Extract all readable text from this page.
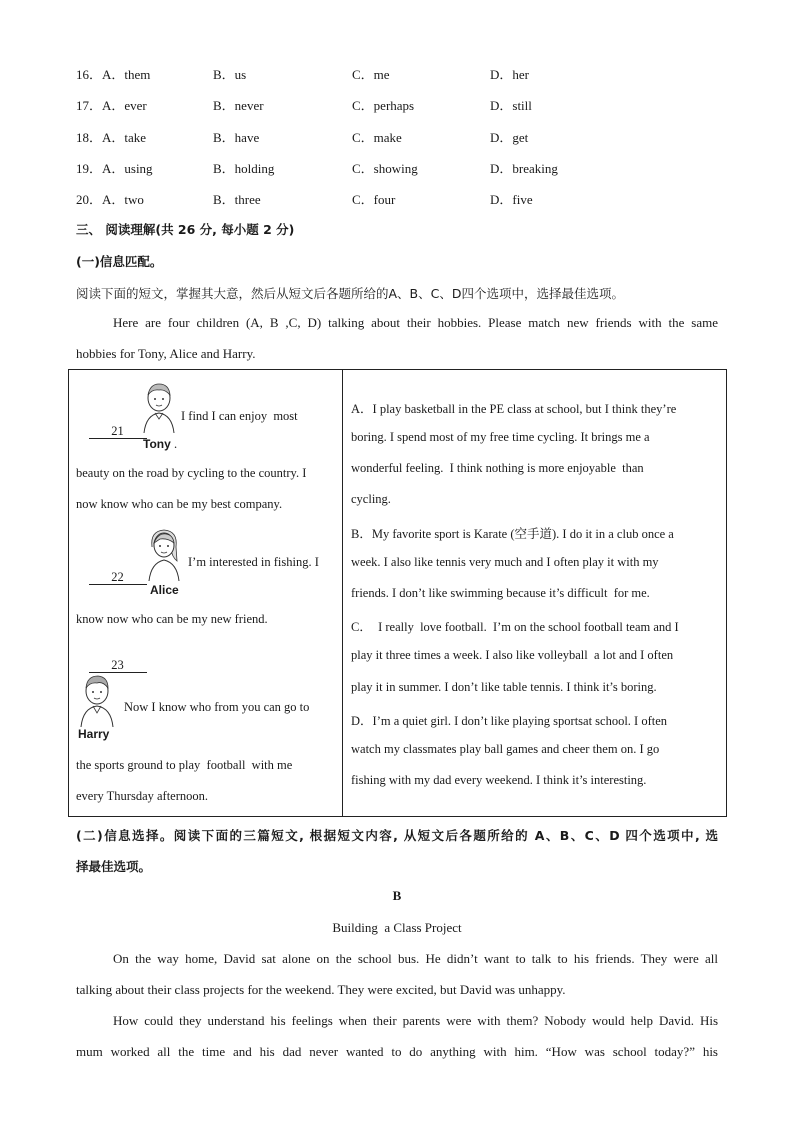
16．A．them	B．us	C．me	D．her
17．A．ever	B．never	C．perhaps	D．still
18．A．take	B．have	C．make	D．get
19．A．using	B．holding	C．showing	D．breaking
20．A．two	B．three	C．four	D．five
三、 阅读理解(共 26 分, 每小题 2 分)
(一)信息匹配。
阅读下面的短文，掌握其大意，然后从短文后各题所给的A、B、C、D四个选项中，选择最佳选项。
Here are four children (A, B ,C, D) talking about their hobbies. Please match new friends with the same
hobbies for Tony, Alice and Harry.

21

Tony .
I find I can enjoy  most
beauty on the road by cycling to the country. I
now know who can be my best company.

22

Alice
I’m interested in fishing. I
know now who can be my new friend.

23

Harry
Now I know who from you can go to
the sports ground to play  football  with me
every Thursday afternoon.
A．I play basketball in the PE class at school, but I think they’re
boring. I spend most of my free time cycling. It brings me a
wonderful feeling.  I think nothing is more enjoyable  than
cycling.
B．My favorite sport is Karate (空手道). I do it in a club once a
week. I also like tennis very much and I often play it with my
friends. I don’t like swimming because it’s difficult  for me.
C．  I really  love football.  I’m on the school football team and I
play it three times a week. I also like volleyball  a lot and I often
play it in summer. I don’t like table tennis. I think it’s boring.
D．I’m a quiet girl. I don’t like playing sportsat school. I often
watch my classmates play ball games and cheer them on. I go
fishing with my dad every weekend. I think it’s interesting.
(二)信息选择。阅读下面的三篇短文, 根据短文内容, 从短文后各题所给的 A、B、C、D 四个选项中, 选
择最佳选项。
B
Building  a Class Project
On the way home, David sat alone on the school bus. He didn’t want to talk to his friends. They were all
talking about their class projects for the weekend. They were excited, but David was unhappy.
How could they understand his feelings when their parents were with them? Nobody would help David. His
mum worked all the time and his dad never wanted to do anything with him. “How was school today?” his
